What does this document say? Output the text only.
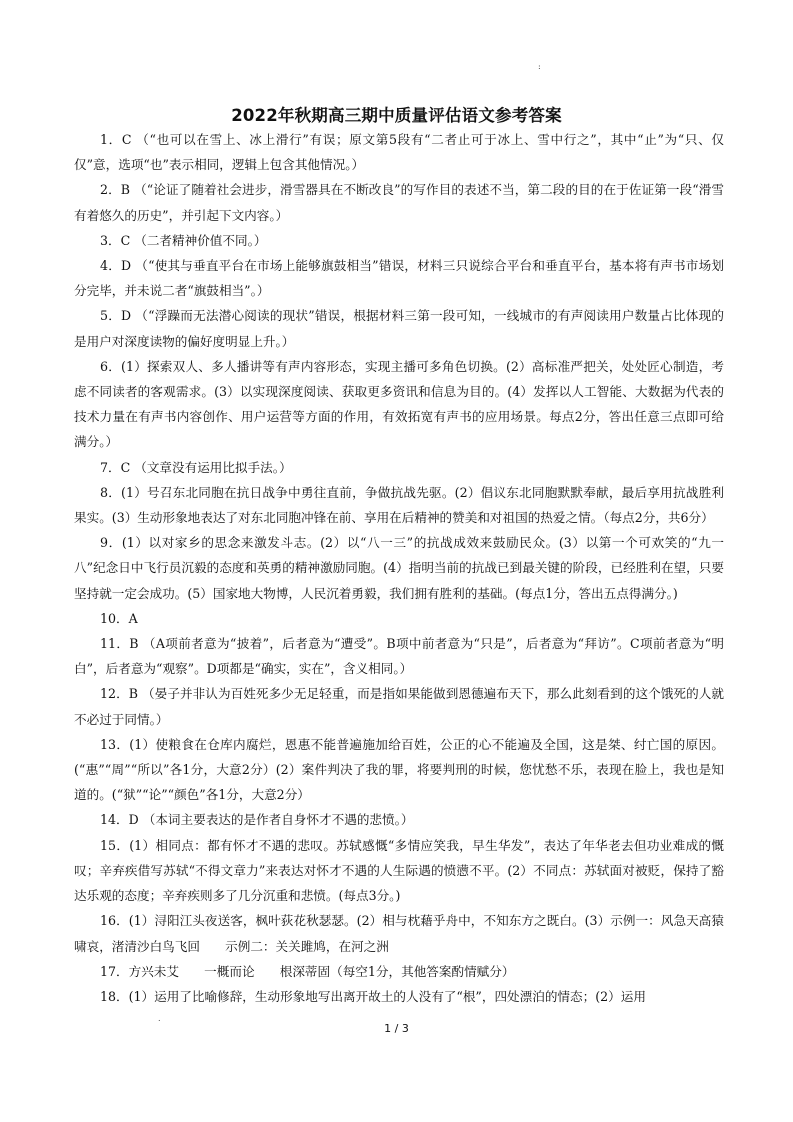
:
2022年秋期高三期中质量评估语文参考答案

1．C （“也可以在雪上、冰上滑行”有误；原文第5段有“二者止可于冰上、雪中行之”，其中“止”为“只、仅仅”意，选项“也”表示相同，逻辑上包含其他情况。）

2．B （“论证了随着社会进步，滑雪器具在不断改良”的写作目的表述不当，第二段的目的在于佐证第一段“滑雪有着悠久的历史”，并引起下文内容。）

3．C （二者精神价值不同。）

4．D （“使其与垂直平台在市场上能够旗鼓相当”错误，材料三只说综合平台和垂直平台，基本将有声书市场划分完毕，并未说二者“旗鼓相当”。）

5．D （“浮躁而无法潜心阅读的现状”错误，根据材料三第一段可知，一线城市的有声阅读用户数量占比体现的是用户对深度读物的偏好度明显上升。）

6．(1）探索双人、多人播讲等有声内容形态，实现主播可多角色切换。(2）高标准严把关，处处匠心制造，考虑不同读者的客观需求。(3）以实现深度阅读、获取更多资讯和信息为目的。(4）发挥以人工智能、大数据为代表的技术力量在有声书内容创作、用户运营等方面的作用，有效拓宽有声书的应用场景。每点2分，答出任意三点即可给满分。）

7．C （文章没有运用比拟手法。）

8．(1）号召东北同胞在抗日战争中勇往直前，争做抗战先驱。(2）倡议东北同胞默默奉献，最后享用抗战胜利果实。(3）生动形象地表达了对东北同胞冲锋在前、享用在后精神的赞美和对祖国的热爱之情。（每点2分，共6分）

9．(1）以对家乡的思念来激发斗志。(2）以“八一三”的抗战成效来鼓励民众。(3）以第一个可欢笑的“九一八”纪念日中飞行员沉毅的态度和英勇的精神激励同胞。(4）指明当前的抗战已到最关键的阶段，已经胜利在望，只要坚持就一定会成功。(5）国家地大物博，人民沉着勇毅，我们拥有胜利的基础。(每点1分，答出五点得满分。)

10．A

11．B （A项前者意为“披着”，后者意为“遭受”。B项中前者意为“只是”，后者意为“拜访”。C项前者意为“明白”，后者意为“观察”。D项都是“确实，实在”，含义相同。）

12．B （晏子并非认为百姓死多少无足轻重，而是指如果能做到恩德遍布天下，那么此刻看到的这个饿死的人就不必过于同情。）

13．(1）使粮食在仓库内腐烂，恩惠不能普遍施加给百姓，公正的心不能遍及全国，这是桀、纣亡国的原因。(“惠”“周”“所以”各1分，大意2分）(2）案件判决了我的罪，将要判刑的时候，您忧愁不乐，表现在脸上，我也是知道的。(“狱”“论”“颜色”各1分，大意2分）

14．D （本词主要表达的是作者自身怀才不遇的悲愤。）

15．(1）相同点：都有怀才不遇的悲叹。苏轼感慨“多情应笑我，早生华发”，表达了年华老去但功业难成的慨叹；辛弃疾借写苏轼“不得文章力”来表达对怀才不遇的人生际遇的愤懑不平。(2）不同点：苏轼面对被贬，保持了豁达乐观的态度；辛弃疾则多了几分沉重和悲愤。(每点3分。)

16．(1）浔阳江头夜送客，枫叶荻花秋瑟瑟。(2）相与枕藉乎舟中，不知东方之既白。(3）示例一：风急天高猿啸哀，渚清沙白鸟飞回　　示例二：关关雎鸠，在河之洲

17．方兴未艾　　一概而论　　根深蒂固（每空1分，其他答案酌情赋分）

18．(1）运用了比喻修辞，生动形象地写出离开故土的人没有了“根”，四处漂泊的情态；(2）运用

.
1 / 3
